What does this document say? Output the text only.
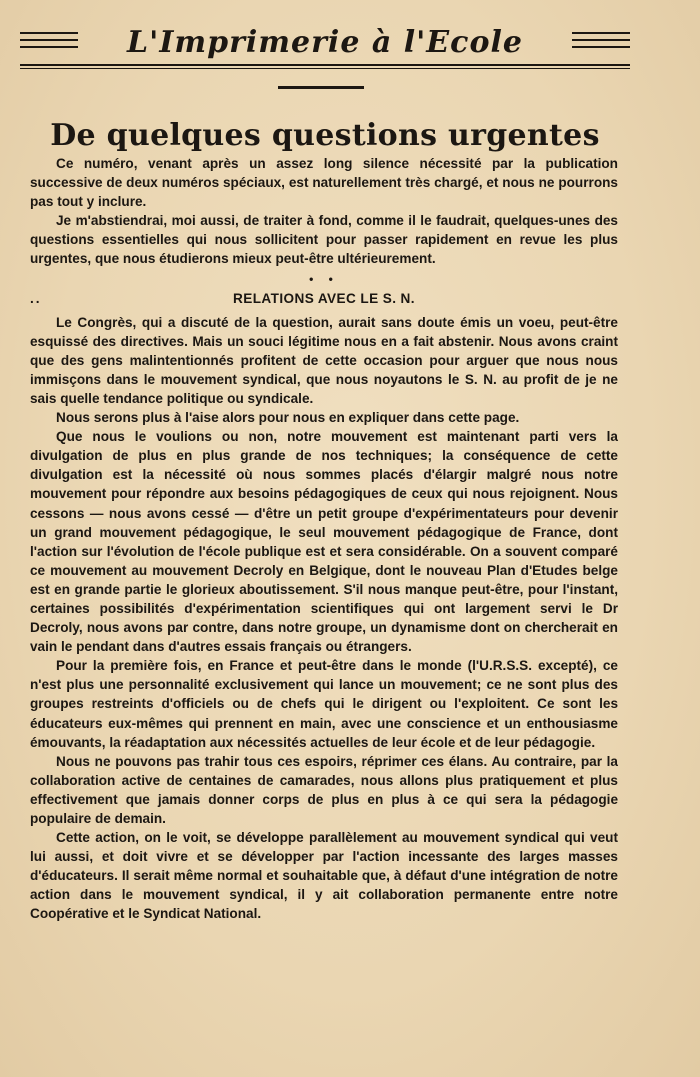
L'Imprimerie à l'Ecole
De quelques questions urgentes

Ce numéro, venant après un assez long silence nécessité par la publication successive de deux numéros spéciaux, est naturellement très chargé, et nous ne pourrons pas tout y inclure.

Je m'abstiendrai, moi aussi, de traiter à fond, comme il le faudrait, quelques-unes des questions essentielles qui nous sollicitent pour passer rapidement en revue les plus urgentes, que nous étudierons mieux peut-être ultérieurement.

• •
..	RELATIONS AVEC LE S. N.

Le Congrès, qui a discuté de la question, aurait sans doute émis un voeu, peut-être esquissé des directives. Mais un souci légitime nous en a fait abstenir. Nous avons craint que des gens malintentionnés profitent de cette occasion pour arguer que nous nous immisçons dans le mouvement syndical, que nous noyautons le S. N. au profit de je ne sais quelle tendance politique ou syndicale.

Nous serons plus à l'aise alors pour nous en expliquer dans cette page.

Que nous le voulions ou non, notre mouvement est maintenant parti vers la divulgation de plus en plus grande de nos techniques; la conséquence de cette divulgation est la nécessité où nous sommes placés d'élargir malgré nous notre mouvement pour répondre aux besoins pédagogiques de ceux qui nous rejoignent. Nous cessons — nous avons cessé — d'être un petit groupe d'expérimentateurs pour devenir un grand mouvement pédagogique, le seul mouvement pédagogique de France, dont l'action sur l'évolution de l'école publique est et sera considérable. On a souvent comparé ce mouvement au mouvement Decroly en Belgique, dont le nouveau Plan d'Etudes belge est en grande partie le glorieux aboutissement. S'il nous manque peut-être, pour l'instant, certaines possibilités d'expérimentation scientifiques qui ont largement servi le Dr Decroly, nous avons par contre, dans notre groupe, un dynamisme dont on chercherait en vain le pendant dans d'autres essais français ou étrangers.

Pour la première fois, en France et peut-être dans le monde (l'U.R.S.S. excepté), ce n'est plus une personnalité exclusivement qui lance un mouvement; ce ne sont plus des groupes restreints d'officiels ou de chefs qui le dirigent ou l'exploitent. Ce sont les éducateurs eux-mêmes qui prennent en main, avec une conscience et un enthousiasme émouvants, la réadaptation aux nécessités actuelles de leur école et de leur pédagogie.

Nous ne pouvons pas trahir tous ces espoirs, réprimer ces élans. Au contraire, par la collaboration active de centaines de camarades, nous allons plus pratiquement et plus effectivement que jamais donner corps de plus en plus à ce qui sera la pédagogie populaire de demain.

Cette action, on le voit, se développe parallèlement au mouvement syndical qui veut lui aussi, et doit vivre et se développer par l'action incessante des larges masses d'éducateurs. Il serait même normal et souhaitable que, à défaut d'une intégration de notre action dans le mouvement syndical, il y ait collaboration permanente entre notre Coopérative et le Syndicat National.
